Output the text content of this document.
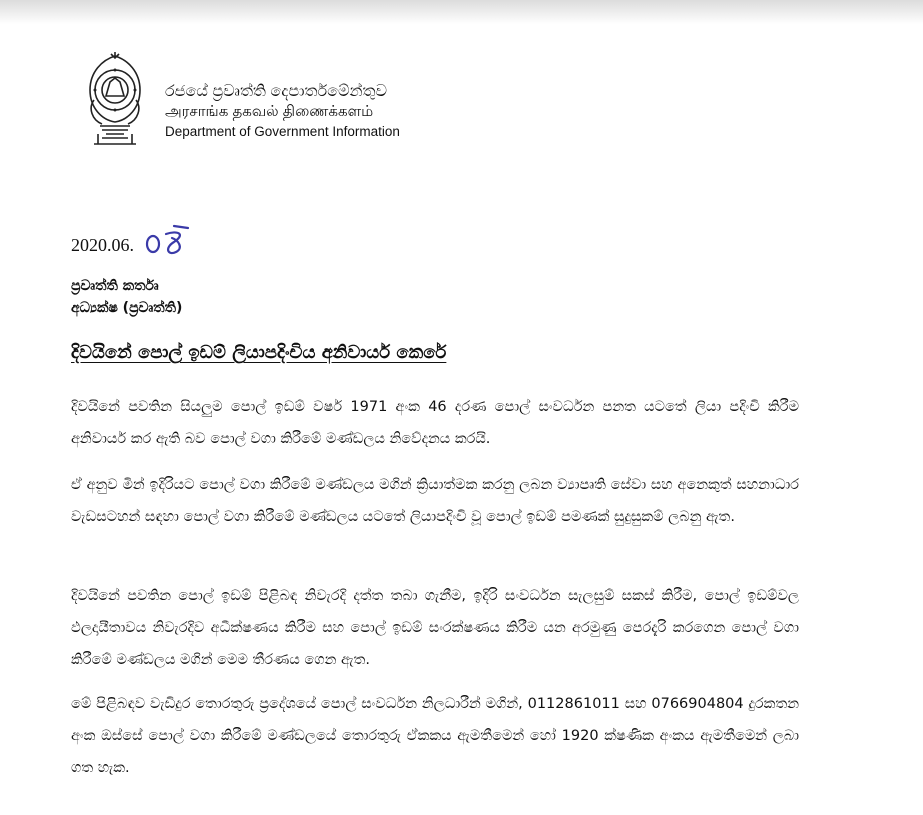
රජයේ ප්‍රවෘත්ති දෙපාර්තමේන්තුව
அரசாங்க தகவல் திணைக்களம்
Department of Government Information
2020.06.
ප්‍රවෘත්ති කර්තෘ
අධ්‍යක්ෂ (ප්‍රවෘත්ති)
දිවයිනේ පොල් ඉඩම් ලියාපදිංචිය අනිවාර්ය කෙරේ

දිවයිනේ පවතින සියලුම පොල් ඉඩම් වර්ෂ 1971 අංක 46 දරණ පොල් සංවර්ධන පනත යටතේ ලියා පදිංචි කිරීම අනිවාර්ය කර ඇති බව පොල් වගා කිරීමේ මණ්ඩලය නිවේදනය කරයි.

ඒ අනුව මින් ඉදිරියට පොල් වගා කිරීමේ මණ්ඩලය මගින් ක්‍රියාත්මක කරනු ලබන ව්‍යාපෘති සේවා සහ අනෙකුත් සහනාධාර වැඩසටහන් සඳහා පොල් වගා කිරීමේ මණ්ඩලය යටතේ ලියාපදිංචි වූ පොල් ඉඩම් පමණක් සුදුසුකම් ලබනු ඇත.

දිවයිනේ පවතින පොල් ඉඩම් පිළිබඳ නිවැරදි දත්ත තබා ගැනීම, ඉදිරි සංවර්ධන සැලසුම් සකස් කිරීම, පොල් ඉඩම්වල ඵලදායීතාවය නිවැරදිව අධීක්ෂණය කිරීම සහ පොල් ඉඩම් සංරක්ෂණය කිරීම යන අරමුණු පෙරදැරි කරගෙන පොල් වගා කිරීමේ මණ්ඩලය මගින් මෙම තීරණය ගෙන ඇත.

මේ පිළිබඳව වැඩිදුර තොරතුරු ප්‍රදේශයේ පොල් සංවර්ධන නිලධාරීන් මගින්, 0112861011 සහ 0766904804 දුරකතන අංක ඔස්සේ පොල් වගා කිරීමේ මණ්ඩලයේ තොරතුරු ඒකකය ඇමතීමෙන් හෝ 1920 ක්ෂණික අංකය ඇමතීමෙන් ලබා ගත හැක.
